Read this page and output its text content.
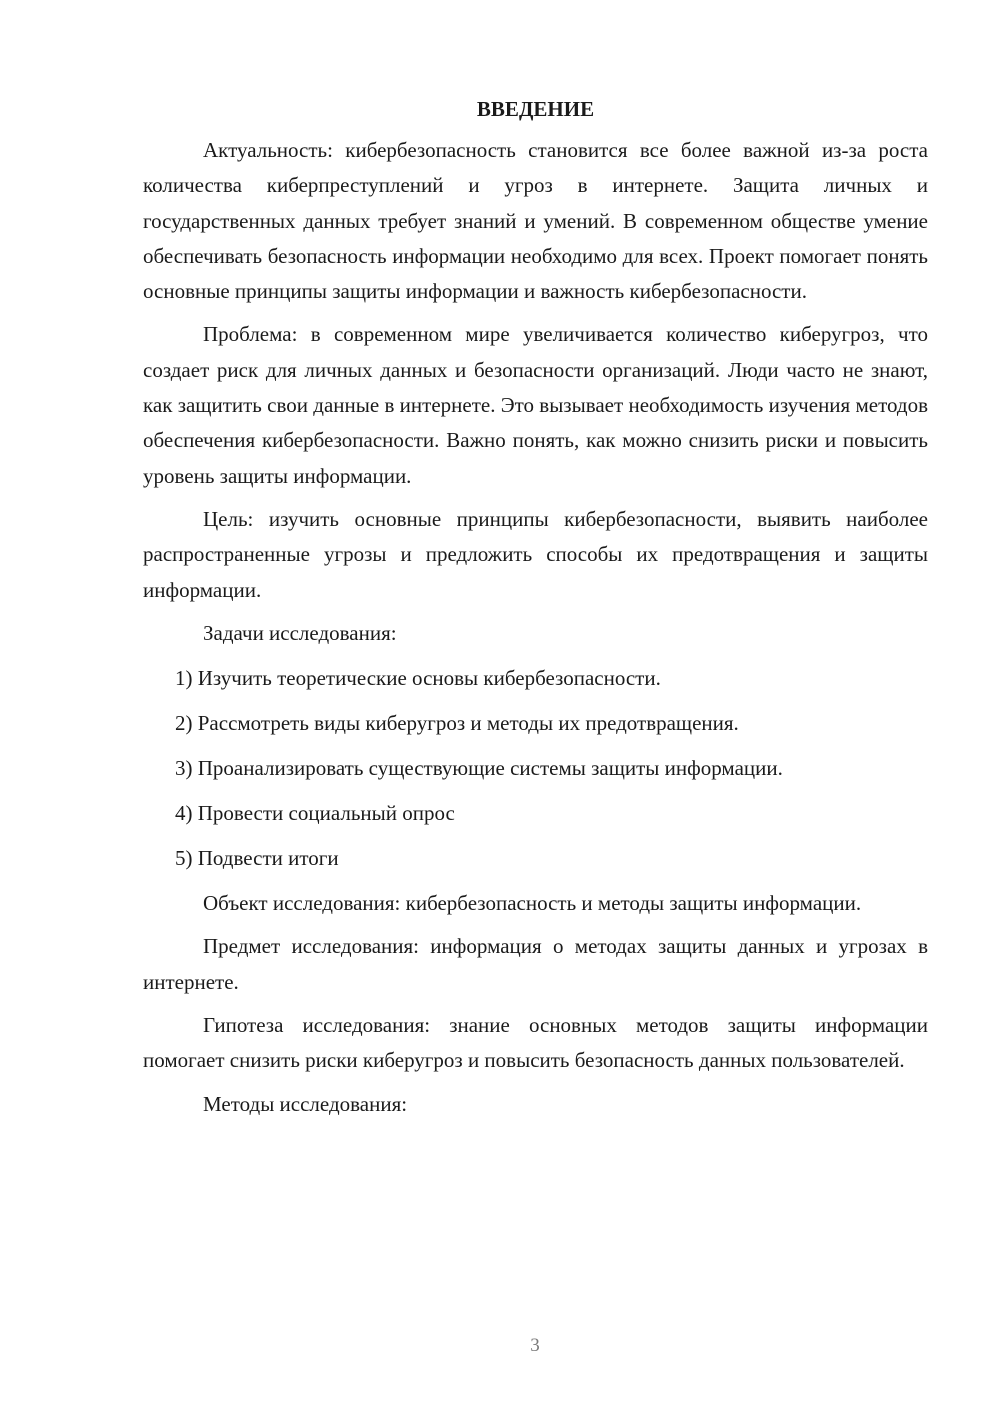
ВВЕДЕНИЕ

Актуальность: кибербезопасность становится все более важной из-за роста количества киберпреступлений и угроз в интернете. Защита личных и государственных данных требует знаний и умений. В современном обществе умение обеспечивать безопасность информации необходимо для всех. Проект помогает понять основные принципы защиты информации и важность кибербезопасности.

Проблема: в современном мире увеличивается количество киберугроз, что создает риск для личных данных и безопасности организаций. Люди часто не знают, как защитить свои данные в интернете. Это вызывает необходимость изучения методов обеспечения кибербезопасности. Важно понять, как можно снизить риски и повысить уровень защиты информации.

Цель: изучить основные принципы кибербезопасности, выявить наиболее распространенные угрозы и предложить способы их предотвращения и защиты информации.

Задачи исследования:

1) Изучить теоретические основы кибербезопасности.
2) Рассмотреть виды киберугроз и методы их предотвращения.
3) Проанализировать существующие системы защиты информации.
4) Провести социальный опрос
5) Подвести итоги

Объект исследования: кибербезопасность и методы защиты информации.

Предмет исследования: информация о методах защиты данных и угрозах в интернете.

Гипотеза исследования: знание основных методов защиты информации помогает снизить риски киберугроз и повысить безопасность данных пользователей.

Методы исследования:

3
